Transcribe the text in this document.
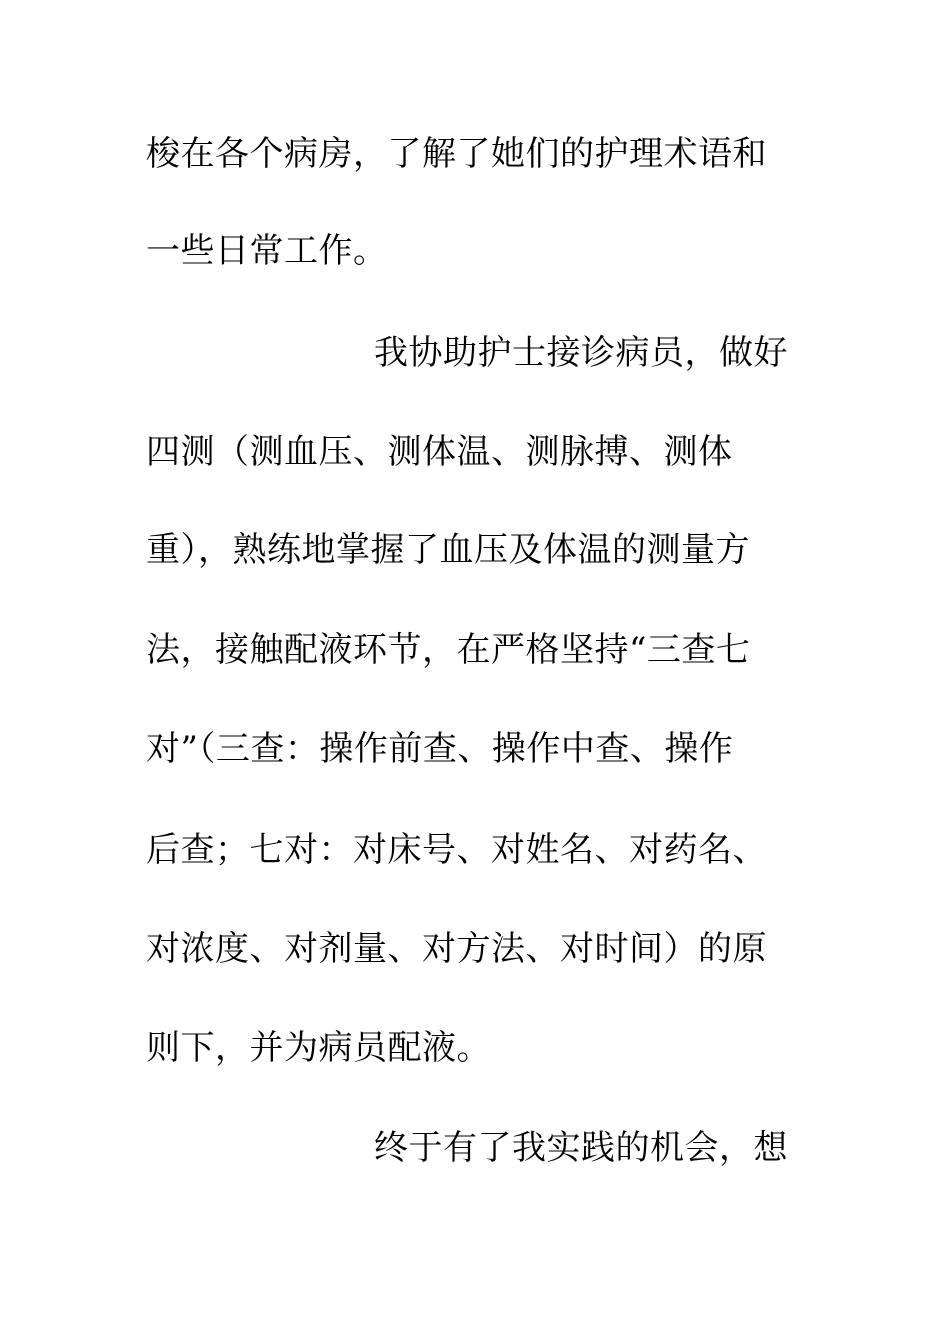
梭在各个病房，了解了她们的护理术语和
一些日常工作。
我协助护士接诊病员，做好
四测（测血压、测体温、测脉搏、测体
重），熟练地掌握了血压及体温的测量方
法，接触配液环节，在严格坚持“三查七
对”（三查：操作前查、操作中查、操作
后查；七对：对床号、对姓名、对药名、
对浓度、对剂量、对方法、对时间）的原
则下，并为病员配液。
终于有了我实践的机会，想
